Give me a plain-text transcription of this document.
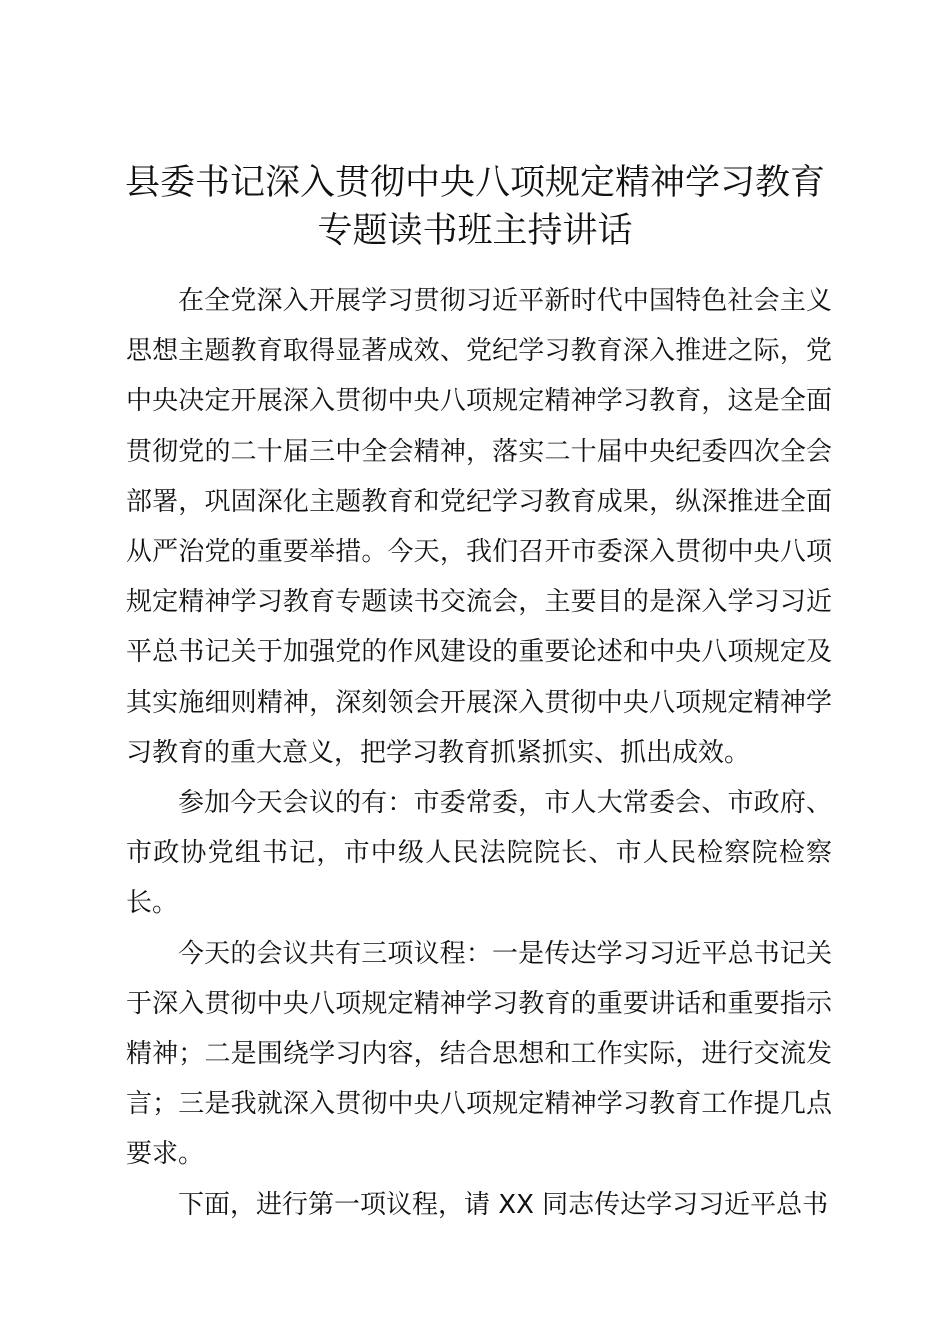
县委书记深入贯彻中央八项规定精神学习教育
专题读书班主持讲话

在全党深入开展学习贯彻习近平新时代中国特色社会主义思想主题教育取得显著成效、党纪学习教育深入推进之际，党中央决定开展深入贯彻中央八项规定精神学习教育，这是全面贯彻党的二十届三中全会精神，落实二十届中央纪委四次全会部署，巩固深化主题教育和党纪学习教育成果，纵深推进全面从严治党的重要举措。今天，我们召开市委深入贯彻中央八项规定精神学习教育专题读书交流会，主要目的是深入学习习近平总书记关于加强党的作风建设的重要论述和中央八项规定及其实施细则精神，深刻领会开展深入贯彻中央八项规定精神学习教育的重大意义，把学习教育抓紧抓实、抓出成效。

参加今天会议的有：市委常委，市人大常委会、市政府、市政协党组书记，市中级人民法院院长、市人民检察院检察长。

今天的会议共有三项议程：一是传达学习习近平总书记关于深入贯彻中央八项规定精神学习教育的重要讲话和重要指示精神；二是围绕学习内容，结合思想和工作实际，进行交流发言；三是我就深入贯彻中央八项规定精神学习教育工作提几点要求。

下面，进行第一项议程，请 XX 同志传达学习习近平总书
